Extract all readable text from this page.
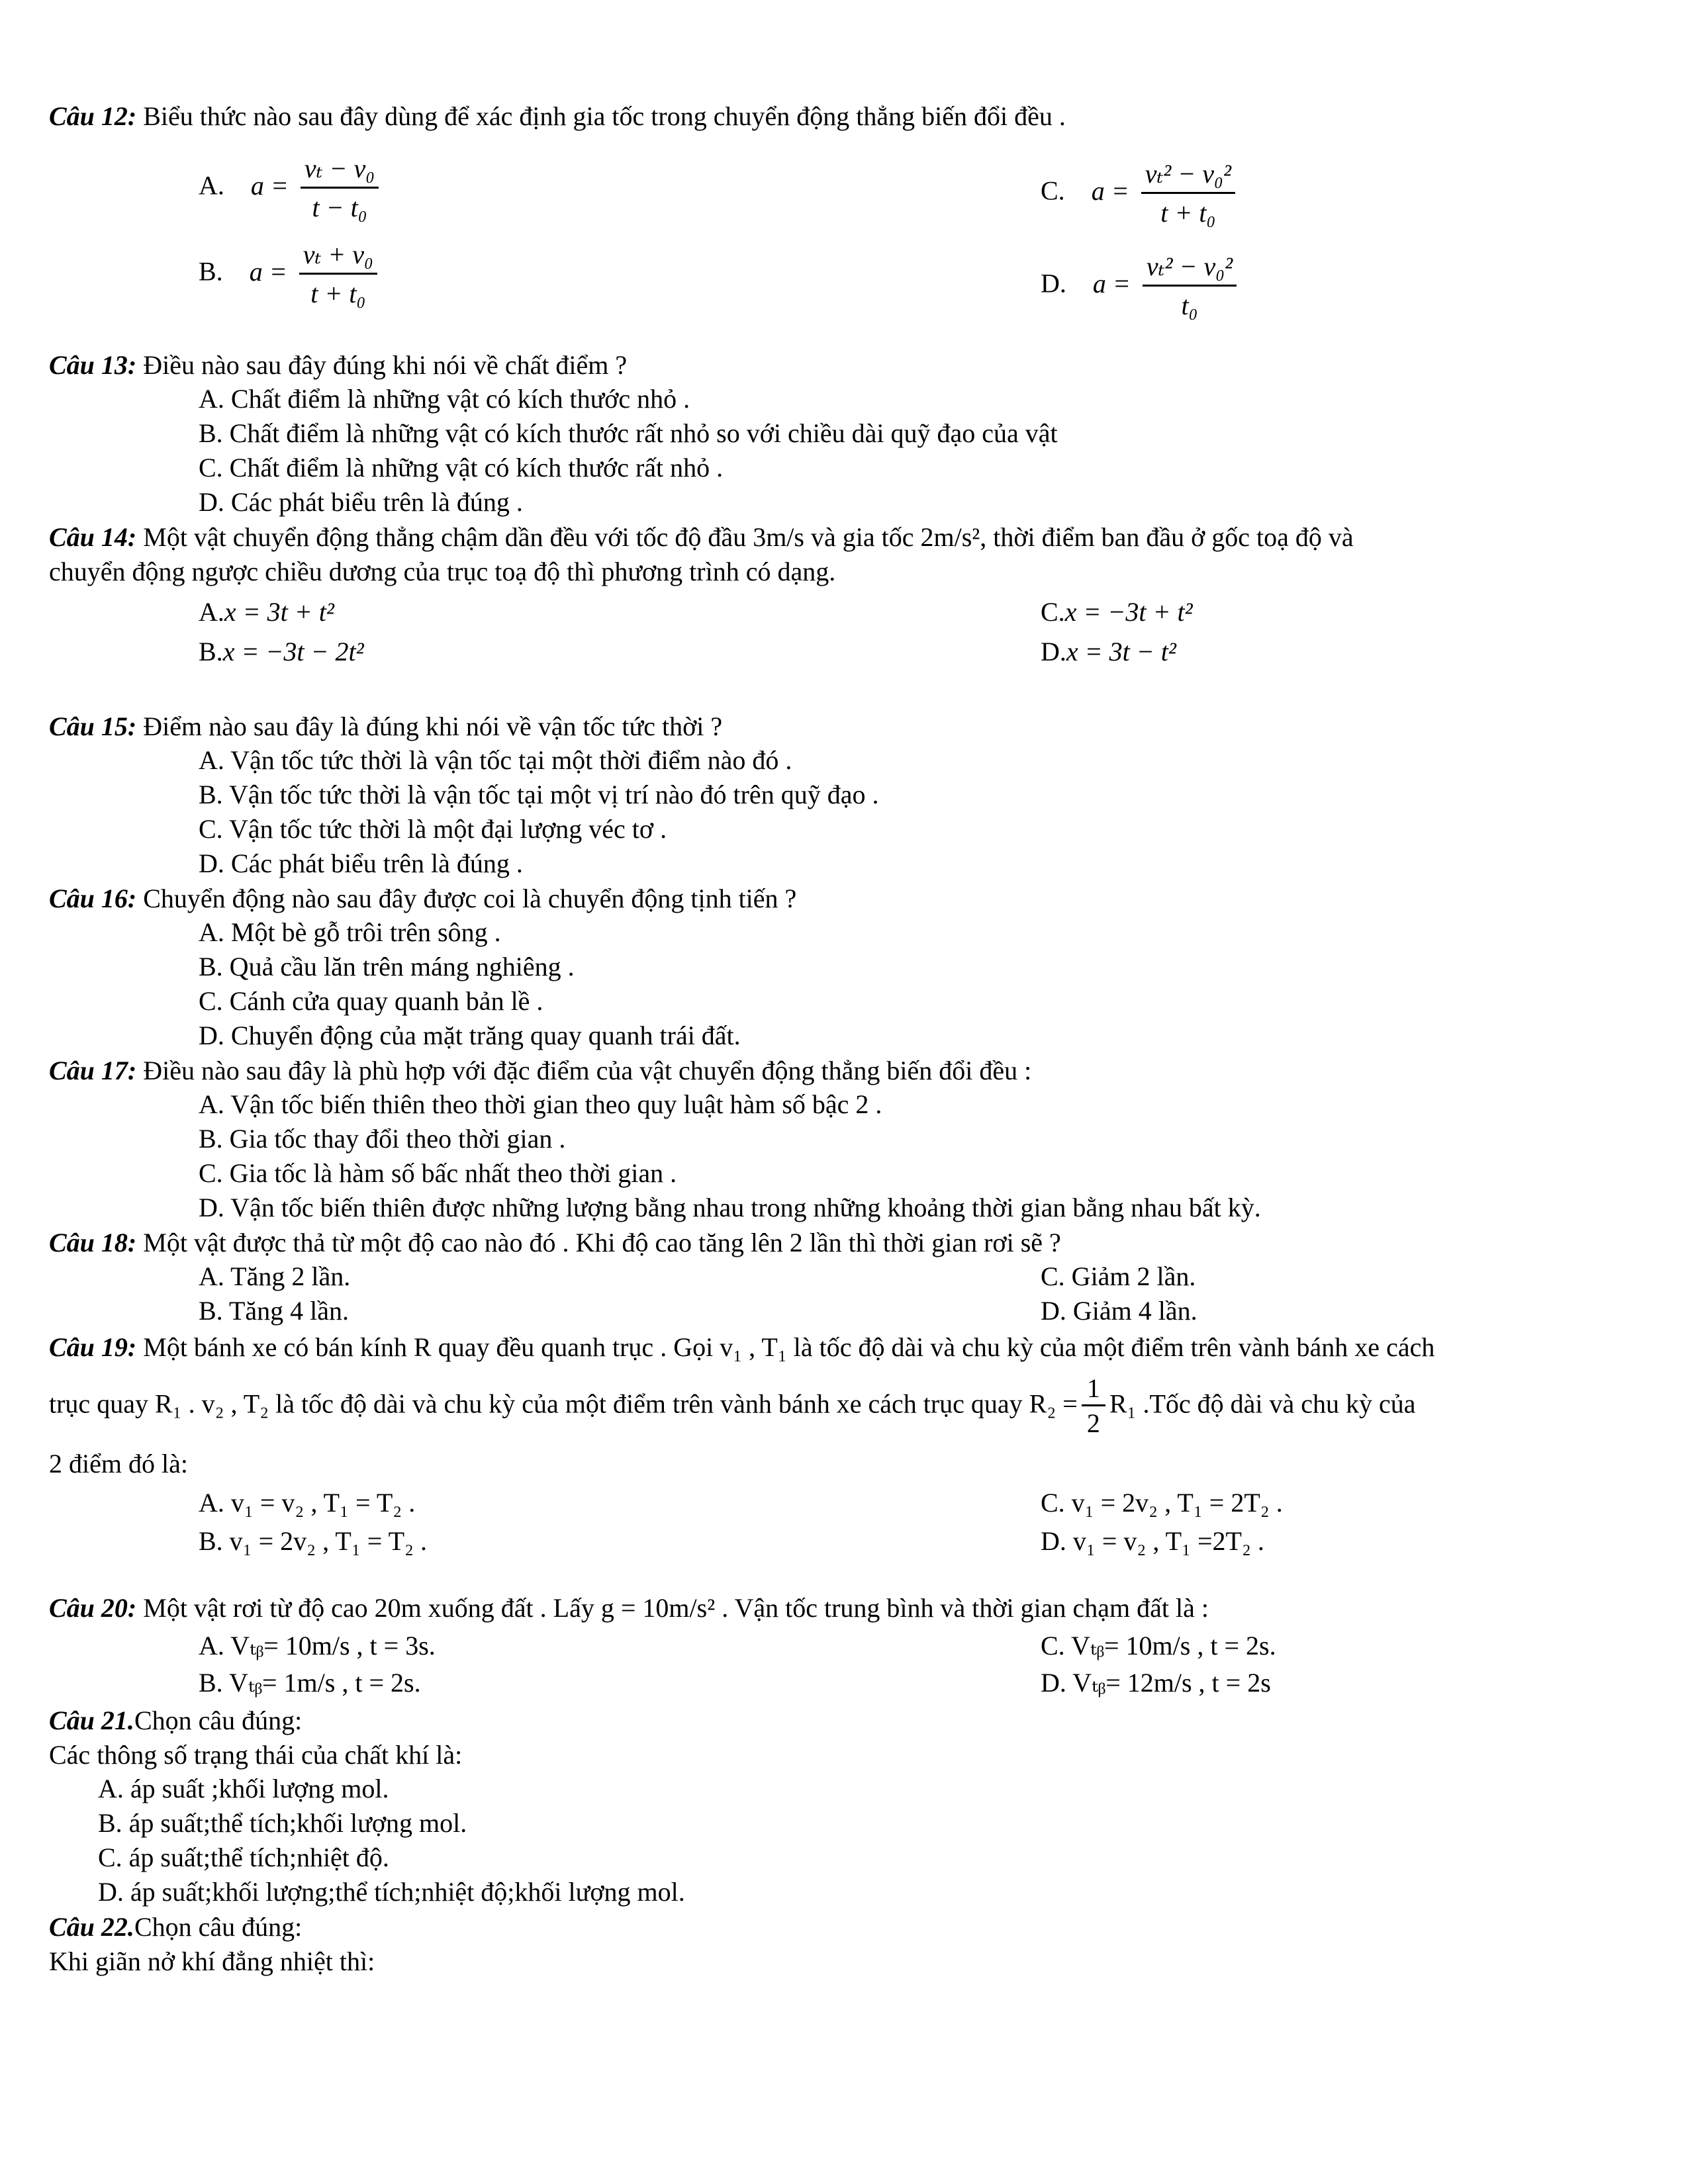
Câu 12: Biểu thức nào sau đây dùng để xác định gia tốc trong chuyển động thẳng biến đổi đều .
A. $a = \frac{\text{vₜ − v₀}}{\text{t − t₀}}$
B. $a = \frac{\text{vₜ + v₀}}{\text{t + t₀}}$
C. $a = \frac{\text{vₜ² − v₀²}}{\text{t + t₀}}$
D. $a = \frac{\text{vₜ² − v₀²}}{\text{t₀}}$
Câu 13: Điều nào sau đây đúng khi nói về chất điểm ?
A. Chất điểm là những vật có kích thước nhỏ .
B. Chất điểm là những vật có kích thước rất nhỏ so với chiều dài quỹ đạo của vật
C. Chất điểm là những vật có kích thước rất nhỏ .
D. Các phát biểu trên là đúng .
Câu 14: Một vật chuyển động thẳng chậm dần đều với tốc độ đầu 3m/s và gia tốc 2m/s², thời điểm ban đầu ở gốc toạ độ và
chuyển động ngược chiều dương của trục toạ độ thì phương trình có dạng.
A.x = 3t + t²
B.x = −3t − 2t²
C.x = −3t + t²
D.x = 3t − t²
Câu 15: Điểm nào sau đây là đúng khi nói về vận tốc tức thời ?
A. Vận tốc tức thời là vận tốc tại một thời điểm nào đó .
B. Vận tốc tức thời là vận tốc tại một vị trí nào đó trên quỹ đạo .
C. Vận tốc tức thời là một đại lượng véc tơ .
D. Các phát biểu trên là đúng .
Câu 16: Chuyển động nào sau đây được coi là chuyển động tịnh tiến ?
A. Một bè gỗ trôi trên sông .
B. Quả cầu lăn trên máng nghiêng .
C. Cánh cửa quay quanh bản lề .
D. Chuyển động của mặt trăng quay quanh trái đất.
Câu 17: Điều nào sau đây là phù hợp với đặc điểm của vật chuyển động thẳng biến đổi đều :
A. Vận tốc biến thiên theo thời gian theo quy luật hàm số bậc 2 .
B. Gia tốc thay đổi theo thời gian .
C. Gia tốc là hàm số bấc nhất theo thời gian .
D. Vận tốc biến thiên được những lượng bằng nhau trong những khoảng thời gian bằng nhau bất kỳ.
Câu 18: Một vật được thả từ một độ cao nào đó . Khi độ cao tăng lên 2 lần thì thời gian rơi sẽ ?
A. Tăng 2 lần.
B. Tăng 4 lần.
C. Giảm 2 lần.
D. Giảm 4 lần.
Câu 19: Một bánh xe có bán kính R quay đều quanh trục . Gọi v₁ , T₁ là tốc độ dài và chu kỳ của một điểm trên vành bánh xe cách
trục quay R₁ . v₂ , T₂ là tốc độ dài và chu kỳ của một điểm trên vành bánh xe cách trục quay $R_2 = \frac{1}{2} R_1$ .Tốc độ dài và chu kỳ của
2 điểm đó là:
A. v₁ = v₂ , T₁ = T₂ .
B. v₁ = 2v₂ , T₁ = T₂ .
C. v₁ = 2v₂ , T₁ = 2T₂ .
D. v₁ = v₂ , T₁ =2T₂ .
Câu 20: Một vật rơi từ độ cao 20m xuống đất . Lấy g = 10m/s² . Vận tốc trung bình và thời gian chạm đất là :
A. Vₜᵦ= 10m/s , t = 3s.
B. Vₜᵦ= 1m/s , t = 2s.
C. Vₜᵦ= 10m/s , t = 2s.
D. Vₜᵦ= 12m/s , t = 2s
Câu 21.Chọn câu đúng:
Các thông số trạng thái của chất khí là:
A. áp suất ;khối lượng mol.
B. áp suất;thể tích;khối lượng mol.
C. áp suất;thể tích;nhiệt độ.
D. áp suất;khối lượng;thể tích;nhiệt độ;khối lượng mol.
Câu 22.Chọn câu đúng:
Khi giãn nở khí đẳng nhiệt thì:
